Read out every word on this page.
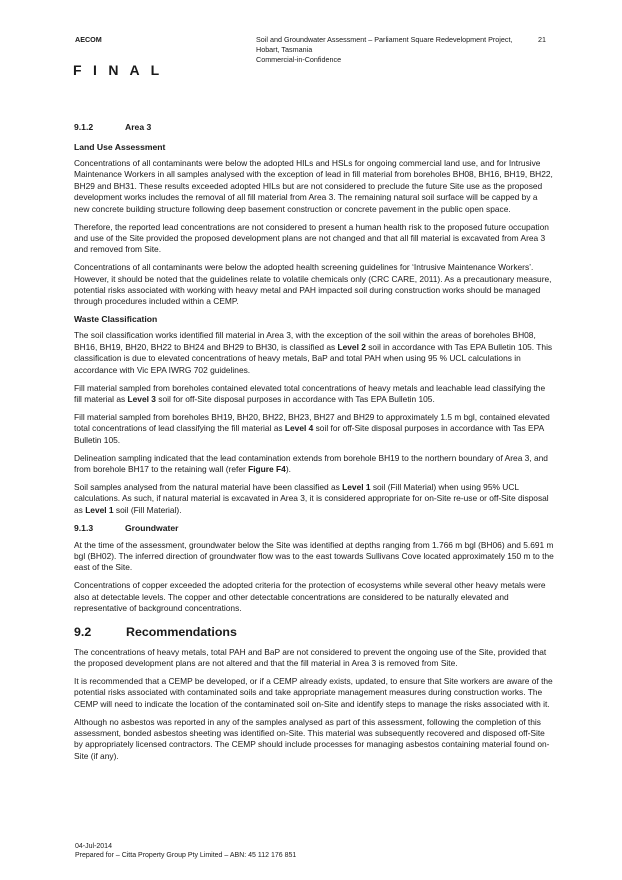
AECOM	Soil and Groundwater Assessment – Parliament Square Redevelopment Project,
Hobart, Tasmania
Commercial-in-Confidence
21
F I N A L
9.1.2	Area 3
Land Use Assessment

Concentrations of all contaminants were below the adopted HILs and HSLs for ongoing commercial land use, and for Intrusive Maintenance Workers in all samples analysed with the exception of lead in fill material from boreholes BH08, BH16, BH19, BH22, BH29 and BH31. These results exceeded adopted HILs but are not considered to preclude the future Site use as the proposed development works includes the removal of all fill material from Area 3. The remaining natural soil surface will be capped by a new concrete building structure following deep basement construction or concrete pavement in the public open space.

Therefore, the reported lead concentrations are not considered to present a human health risk to the proposed future occupation and use of the Site provided the proposed development plans are not changed and that all fill material is excavated from Area 3 and removed from Site.

Concentrations of all contaminants were below the adopted health screening guidelines for ‘Intrusive Maintenance Workers’. However, it should be noted that the guidelines relate to volatile chemicals only (CRC CARE, 2011). As a precautionary measure, potential risks associated with working with heavy metal and PAH impacted soil during construction works should be managed through procedures included within a CEMP.

Waste Classification

The soil classification works identified fill material in Area 3, with the exception of the soil within the areas of boreholes BH08, BH16, BH19, BH20, BH22 to BH24 and BH29 to BH30, is classified as Level 2 soil in accordance with Tas EPA Bulletin 105. This classification is due to elevated concentrations of heavy metals, BaP and total PAH when using 95 % UCL calculations in accordance with Vic EPA IWRG 702 guidelines.

Fill material sampled from boreholes contained elevated total concentrations of heavy metals and leachable lead classifying the fill material as Level 3 soil for off-Site disposal purposes in accordance with Tas EPA Bulletin 105.

Fill material sampled from boreholes BH19, BH20, BH22, BH23, BH27 and BH29 to approximately 1.5 m bgl, contained elevated total concentrations of lead classifying the fill material as Level 4 soil for off-Site disposal purposes in accordance with Tas EPA Bulletin 105.

Delineation sampling indicated that the lead contamination extends from borehole BH19 to the northern boundary of Area 3, and from borehole BH17 to the retaining wall (refer Figure F4).

Soil samples analysed from the natural material have been classified as Level 1 soil (Fill Material) when using 95% UCL calculations. As such, if natural material is excavated in Area 3, it is considered appropriate for on-Site re-use or off-Site disposal as Level 1 soil (Fill Material).

9.1.3	Groundwater

At the time of the assessment, groundwater below the Site was identified at depths ranging from 1.766 m bgl (BH06) and 5.691 m bgl (BH02). The inferred direction of groundwater flow was to the east towards Sullivans Cove located approximately 150 m to the east of the Site.

Concentrations of copper exceeded the adopted criteria for the protection of ecosystems while several other heavy metals were also at detectable levels. The copper and other detectable concentrations are considered to be naturally elevated and representative of background concentrations.

9.2	Recommendations

The concentrations of heavy metals, total PAH and BaP are not considered to prevent the ongoing use of the Site, provided that the proposed development plans are not altered and that the fill material in Area 3 is removed from Site.

It is recommended that a CEMP be developed, or if a CEMP already exists, updated, to ensure that Site workers are aware of the potential risks associated with contaminated soils and take appropriate management measures during construction works. The CEMP will need to indicate the location of the contaminated soil on-Site and identify steps to manage the risks associated with it.

Although no asbestos was reported in any of the samples analysed as part of this assessment, following the completion of this assessment, bonded asbestos sheeting was identified on-Site. This material was subsequently recovered and disposed off-Site by appropriately licensed contractors. The CEMP should include processes for managing asbestos containing material found on-Site (if any).

04-Jul-2014
Prepared for – Citta Property Group Pty Limited – ABN: 45 112 176 851
